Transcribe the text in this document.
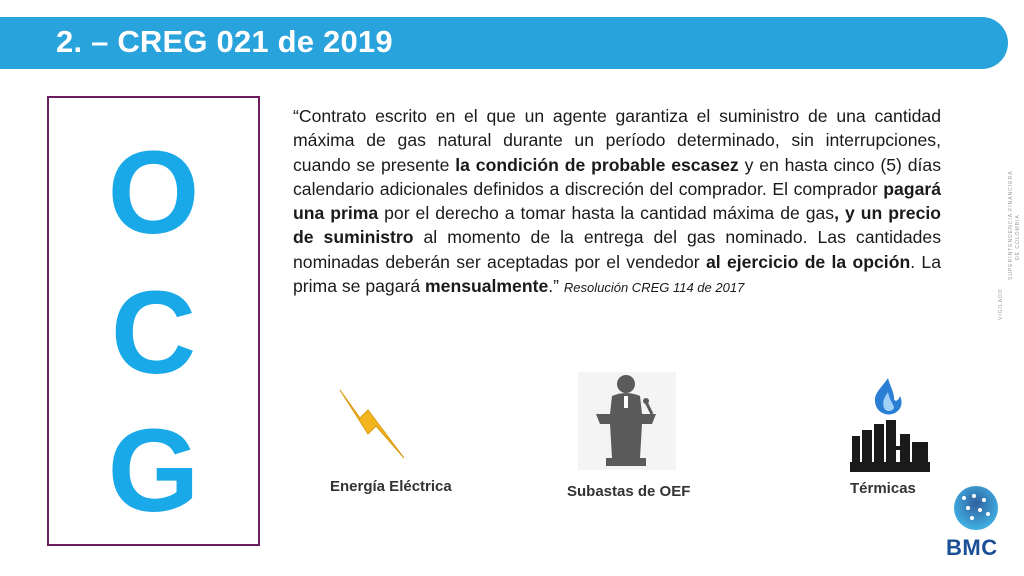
2. – CREG 021 de 2019
O
C
G
“Contrato escrito en el que un agente garantiza el suministro de una cantidad máxima de gas natural durante un período determinado, sin interrupciones, cuando se presente la condición de probable escasez y en hasta cinco (5) días calendario adicionales definidos a discreción del comprador. El comprador pagará una prima por el derecho a tomar hasta la cantidad máxima de gas, y un precio de suministro al momento de la entrega del gas nominado. Las cantidades nominadas deberán ser aceptadas por el vendedor al ejercicio de la opción. La prima se pagará mensualmente.” Resolución CREG 114 de 2017
VIGILADO
SUPERINTENDENCIA FINANCIERA DE COLOMBIA
Energía Eléctrica	Subastas de OEF	Térmicas
BMC
